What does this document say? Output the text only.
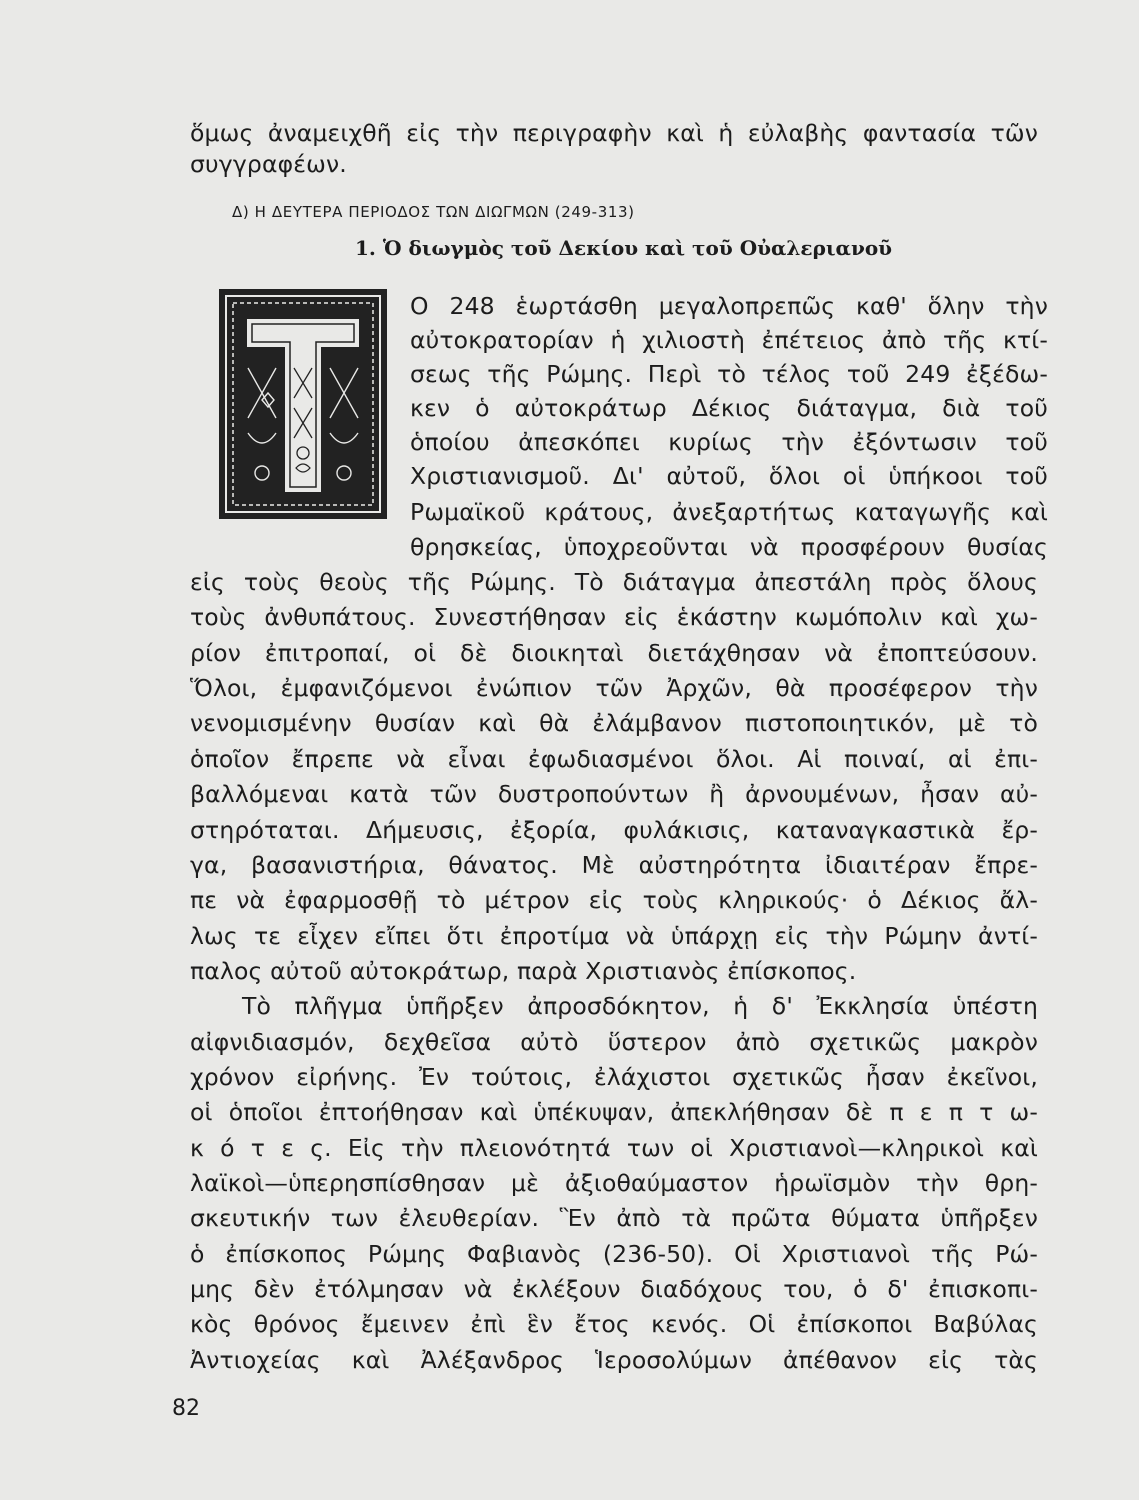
ὅμως ἀναμειχθῆ εἰς τὴν περιγραφὴν καὶ ἡ εὐλαβὴς φαντασία τῶν
συγγραφέων.
Δ) Η ΔΕΥΤΕΡΑ ΠΕΡΙΟΔΟΣ ΤΩΝ ΔΙΩΓΜΩΝ (249-313)
1. Ὁ διωγμὸς τοῦ Δεκίου καὶ τοῦ Οὐαλεριανοῦ
Ο 248 ἑωρτάσθη μεγαλοπρεπῶς καθ' ὅλην τὴν
αὐτοκρατορίαν ἡ χιλιοστὴ ἐπέτειος ἀπὸ τῆς κτί-
σεως τῆς Ρώμης. Περὶ τὸ τέλος τοῦ 249 ἐξέδω-
κεν ὁ αὐτοκράτωρ Δέκιος διάταγμα, διὰ τοῦ
ὁποίου ἀπεσκόπει κυρίως τὴν ἐξόντωσιν τοῦ
Χριστιανισμοῦ. Δι' αὐτοῦ, ὅλοι οἱ ὑπήκοοι τοῦ
Ρωμαϊκοῦ κράτους, ἀνεξαρτήτως καταγωγῆς καὶ
θρησκείας, ὑποχρεοῦνται νὰ προσφέρουν θυσίας
εἰς τοὺς θεοὺς τῆς Ρώμης. Τὸ διάταγμα ἀπεστάλη πρὸς ὅλους
τοὺς ἀνθυπάτους. Συνεστήθησαν εἰς ἑκάστην κωμόπολιν καὶ χω-
ρίον ἐπιτροπαί, οἱ δὲ διοικηταὶ διετάχθησαν νὰ ἐποπτεύσουν.
Ὅλοι, ἐμφανιζόμενοι ἐνώπιον τῶν Ἀρχῶν, θὰ προσέφερον τὴν
νενομισμένην θυσίαν καὶ θὰ ἐλάμβανον πιστοποιητικόν, μὲ τὸ
ὁποῖον ἔπρεπε νὰ εἶναι ἐφωδιασμένοι ὅλοι. Αἱ ποιναί, αἱ ἐπι-
βαλλόμεναι κατὰ τῶν δυστροπούντων ἢ ἀρνουμένων, ἦσαν αὐ-
στηρόταται. Δήμευσις, ἐξορία, φυλάκισις, καταναγκαστικὰ ἔρ-
γα, βασανιστήρια, θάνατος. Μὲ αὐστηρότητα ἰδιαιτέραν ἔπρε-
πε νὰ ἐφαρμοσθῇ τὸ μέτρον εἰς τοὺς κληρικούς· ὁ Δέκιος ἄλ-
λως τε εἶχεν εἴπει ὅτι ἐπροτίμα νὰ ὑπάρχῃ εἰς τὴν Ρώμην ἀντί-
παλος αὐτοῦ αὐτοκράτωρ, παρὰ Χριστιανὸς ἐπίσκοπος.
Τὸ πλῆγμα ὑπῆρξεν ἀπροσδόκητον, ἡ δ' Ἐκκλησία ὑπέστη
αἰφνιδιασμόν, δεχθεῖσα αὐτὸ ὕστερον ἀπὸ σχετικῶς μακρὸν
χρόνον εἰρήνης. Ἐν τούτοις, ἐλάχιστοι σχετικῶς ἦσαν ἐκεῖνοι,
οἱ ὁποῖοι ἐπτοήθησαν καὶ ὑπέκυψαν, ἀπεκλήθησαν δὲ π ε π τ ω-
κ ό τ ε ς. Εἰς τὴν πλειονότητά των οἱ Χριστιανοὶ—κληρικοὶ καὶ
λαϊκοὶ—ὑπερησπίσθησαν μὲ ἀξιοθαύμαστον ἡρωϊσμὸν τὴν θρη-
σκευτικήν των ἐλευθερίαν. Ἓν ἀπὸ τὰ πρῶτα θύματα ὑπῆρξεν
ὁ ἐπίσκοπος Ρώμης Φαβιανὸς (236-50). Οἱ Χριστιανοὶ τῆς Ρώ-
μης δὲν ἐτόλμησαν νὰ ἐκλέξουν διαδόχους του, ὁ δ' ἐπισκοπι-
κὸς θρόνος ἔμεινεν ἐπὶ ἓν ἔτος κενός. Οἱ ἐπίσκοποι Βαβύλας
Ἀντιοχείας καὶ Ἀλέξανδρος Ἱεροσολύμων ἀπέθανον εἰς τὰς
82
